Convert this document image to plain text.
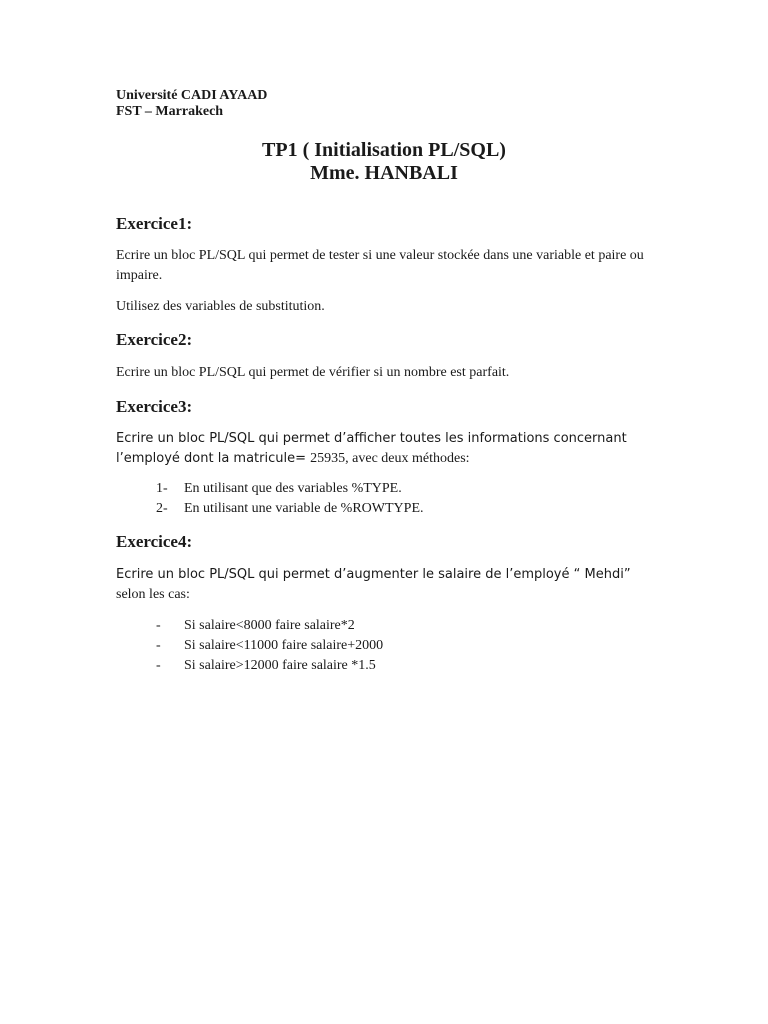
Université CADI AYAAD
FST – Marrakech
TP1 ( Initialisation PL/SQL)
Mme. HANBALI
Exercice1:
Ecrire un bloc PL/SQL qui permet de tester si une valeur stockée dans une variable et paire ou impaire.
Utilisez des variables de substitution.
Exercice2:
Ecrire un bloc PL/SQL qui permet de vérifier si un nombre est parfait.
Exercice3:
Ecrire un bloc PL/SQL qui permet d’afficher toutes les informations concernant
l’employé dont la matricule= 25935, avec deux méthodes:
1-	En utilisant que des variables %TYPE.
2-	En utilisant une variable de %ROWTYPE.
Exercice4:
Ecrire un bloc PL/SQL qui permet d’augmenter le salaire de l’employé “ Mehdi”
selon les cas:
-	Si salaire<8000 faire salaire*2
-	Si salaire<11000 faire salaire+2000
-	Si salaire>12000 faire salaire *1.5
